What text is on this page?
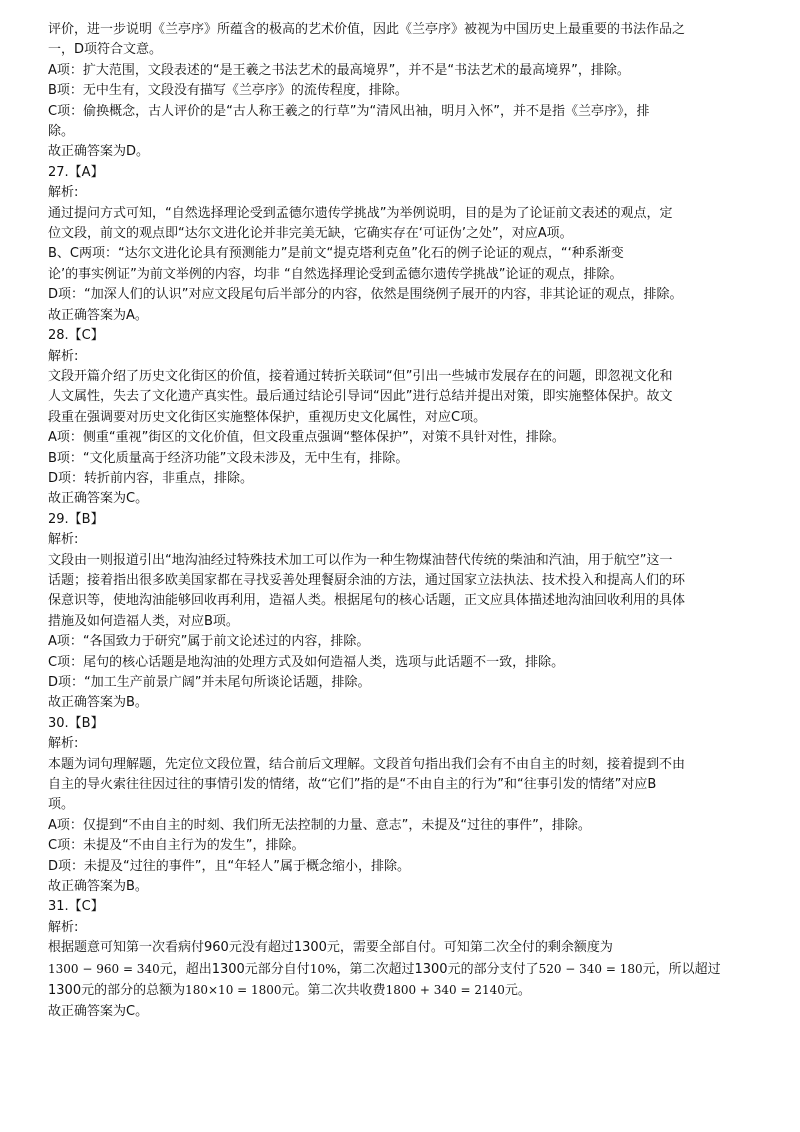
评价，进一步说明《兰亭序》所蕴含的极高的艺术价值，因此《兰亭序》被视为中国历史上最重要的书法作品之
一，D项符合文意。
A项：扩大范围，文段表述的“是王羲之书法艺术的最高境界”，并不是“书法艺术的最高境界”，排除。
B项：无中生有，文段没有描写《兰亭序》的流传程度，排除。
C项：偷换概念，古人评价的是“古人称王羲之的行草”为“清风出袖，明月入怀”，并不是指《兰亭序》，排
除。
故正确答案为D。
27.【A】
解析:
通过提问方式可知，“自然选择理论受到孟德尔遗传学挑战”为举例说明，目的是为了论证前文表述的观点，定
位文段，前文的观点即“达尔文进化论并非完美无缺，它确实存在‘可证伪’之处”，对应A项。
B、C两项：“达尔文进化论具有预测能力”是前文“提克塔利克鱼”化石的例子论证的观点，“‘种系渐变
论’的事实例证”为前文举例的内容，均非 “自然选择理论受到孟德尔遗传学挑战”论证的观点，排除。
D项：“加深人们的认识”对应文段尾句后半部分的内容，依然是围绕例子展开的内容，非其论证的观点，排除。
故正确答案为A。
28.【C】
解析:
文段开篇介绍了历史文化街区的价值，接着通过转折关联词“但”引出一些城市发展存在的问题，即忽视文化和
人文属性，失去了文化遗产真实性。最后通过结论引导词“因此”进行总结并提出对策，即实施整体保护。故文
段重在强调要对历史文化街区实施整体保护，重视历史文化属性，对应C项。
A项：侧重“重视”街区的文化价值，但文段重点强调“整体保护”，对策不具针对性，排除。
B项：“文化质量高于经济功能”文段未涉及，无中生有，排除。
D项：转折前内容，非重点，排除。
故正确答案为C。
29.【B】
解析:
文段由一则报道引出“地沟油经过特殊技术加工可以作为一种生物煤油替代传统的柴油和汽油，用于航空”这一
话题；接着指出很多欧美国家都在寻找妥善处理餐厨余油的方法，通过国家立法执法、技术投入和提高人们的环
保意识等，使地沟油能够回收再利用，造福人类。根据尾句的核心话题，正文应具体描述地沟油回收利用的具体
措施及如何造福人类，对应B项。
A项：“各国致力于研究”属于前文论述过的内容，排除。
C项：尾句的核心话题是地沟油的处理方式及如何造福人类，选项与此话题不一致，排除。
D项：“加工生产前景广阔”并未尾句所谈论话题，排除。
故正确答案为B。
30.【B】
解析:
本题为词句理解题，先定位文段位置，结合前后文理解。文段首句指出我们会有不由自主的时刻，接着提到不由
自主的导火索往往因过往的事情引发的情绪，故“它们”指的是“不由自主的行为”和“往事引发的情绪”对应B
项。
A项：仅提到“不由自主的时刻、我们所无法控制的力量、意志”，未提及“过往的事件”，排除。
C项：未提及“不由自主行为的发生”，排除。
D项：未提及“过往的事件”，且“年轻人”属于概念缩小，排除。
故正确答案为B。
31.【C】
解析:
根据题意可知第一次看病付960元没有超过1300元，需要全部自付。可知第二次全付的剩余额度为
1300 − 960 = 340元，超出1300元部分自付10%，第二次超过1300元的部分支付了520 − 340 = 180元，所以超过
1300元的部分的总额为180×10 = 1800元。第二次共收费1800 + 340 = 2140元。
故正确答案为C。
